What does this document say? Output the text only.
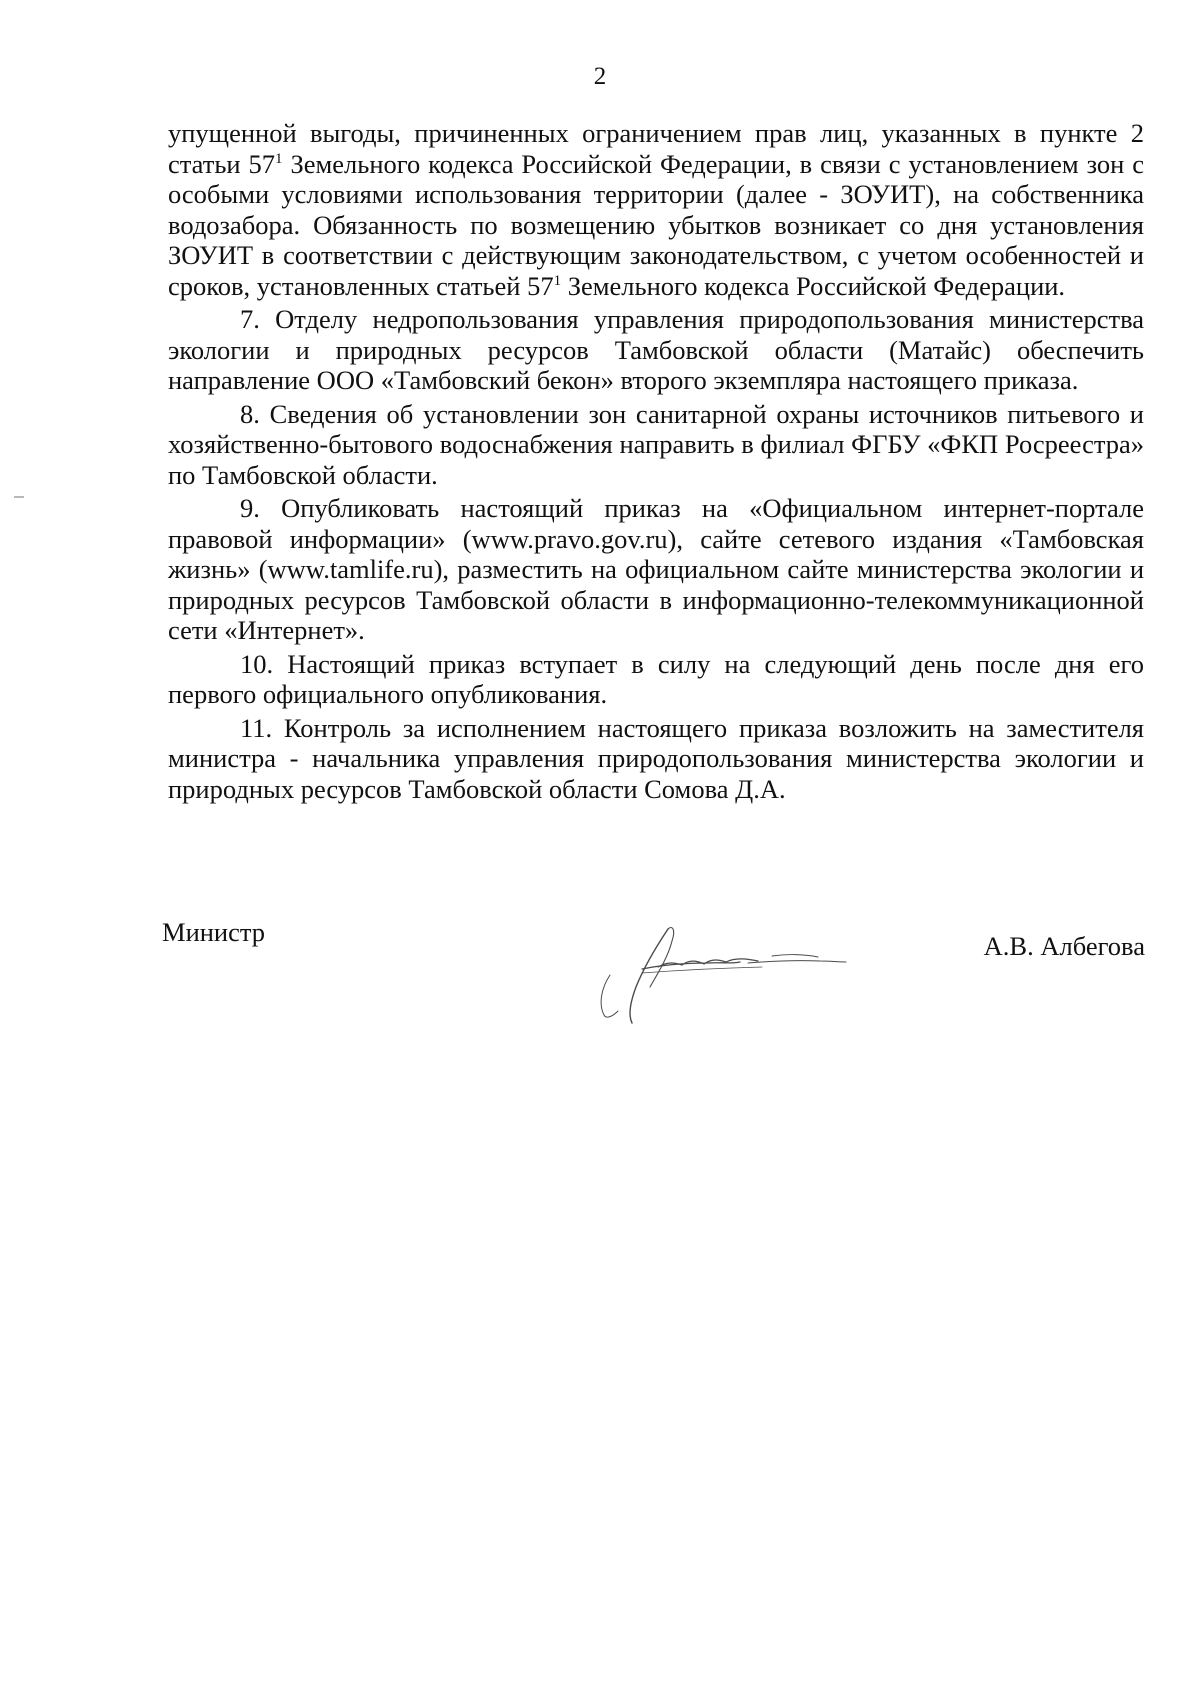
2

упущенной выгоды, причиненных ограничением прав лиц, указанных в пункте 2 статьи $57^1$ Земельного кодекса Российской Федерации, в связи с установлением зон с особыми условиями использования территории (далее - ЗОУИТ), на собственника водозабора. Обязанность по возмещению убытков возникает со дня установления ЗОУИТ в соответствии с действующим законодательством, с учетом особенностей и сроков, установленных статьей $57^1$ Земельного кодекса Российской Федерации.

7. Отделу недропользования управления природопользования министерства экологии и природных ресурсов Тамбовской области (Матайс) обеспечить направление ООО «Тамбовский бекон» второго экземпляра настоящего приказа.

8. Сведения об установлении зон санитарной охраны источников питьевого и хозяйственно-бытового водоснабжения направить в филиал ФГБУ «ФКП Росреестра» по Тамбовской области.

9. Опубликовать настоящий приказ на «Официальном интернет-портале правовой информации» (www.pravo.gov.ru), сайте сетевого издания «Тамбовская жизнь» (www.tamlife.ru), разместить на официальном сайте министерства экологии и природных ресурсов Тамбовской области в информационно-телекоммуникационной сети «Интернет».

10. Настоящий приказ вступает в силу на следующий день после дня его первого официального опубликования.

11. Контроль за исполнением настоящего приказа возложить на заместителя министра - начальника управления природопользования министерства экологии и природных ресурсов Тамбовской области Сомова Д.А.

Министр	А.В. Албегова
